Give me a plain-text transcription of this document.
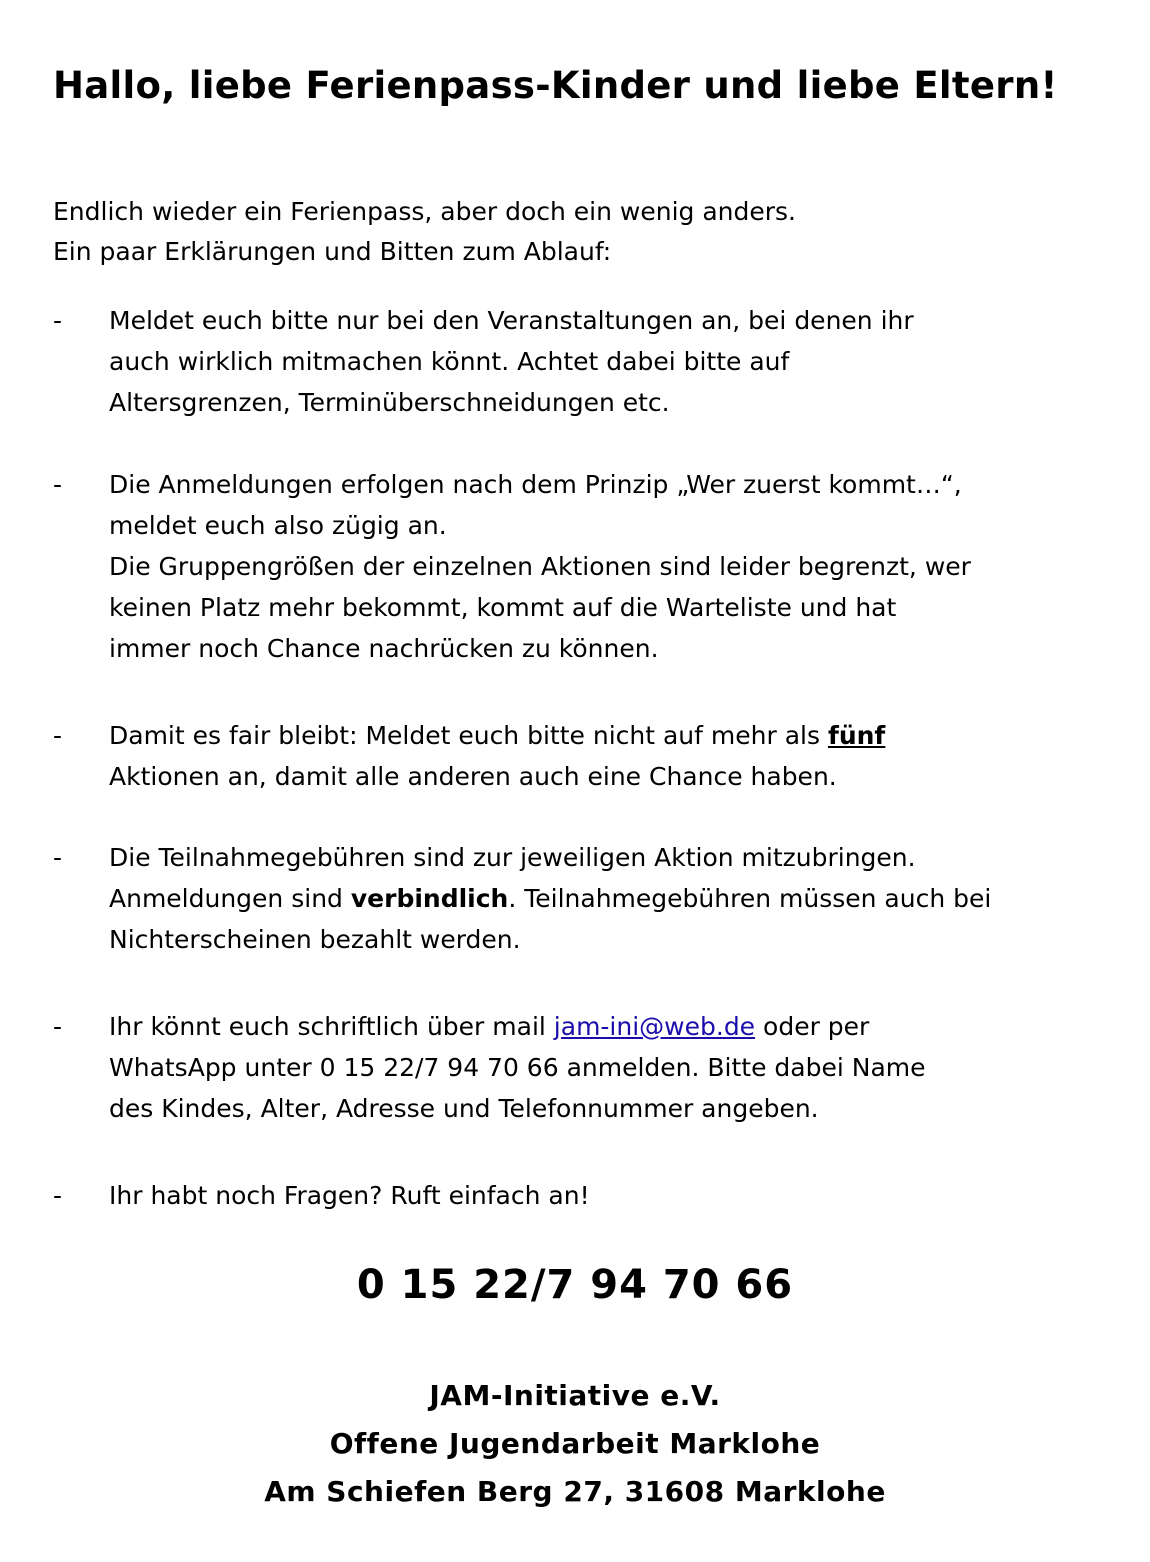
Hallo, liebe Ferienpass-Kinder und liebe Eltern!
Endlich wieder ein Ferienpass, aber doch ein wenig anders.
Ein paar Erklärungen und Bitten zum Ablauf:
- Meldet euch bitte nur bei den Veranstaltungen an, bei denen ihr
auch wirklich mitmachen könnt. Achtet dabei bitte auf
Altersgrenzen, Terminüberschneidungen etc.
- Die Anmeldungen erfolgen nach dem Prinzip „Wer zuerst kommt…“,
meldet euch also zügig an.
Die Gruppengrößen der einzelnen Aktionen sind leider begrenzt, wer
keinen Platz mehr bekommt, kommt auf die Warteliste und hat
immer noch Chance nachrücken zu können.
- Damit es fair bleibt: Meldet euch bitte nicht auf mehr als fünf
Aktionen an, damit alle anderen auch eine Chance haben.
- Die Teilnahmegebühren sind zur jeweiligen Aktion mitzubringen.
Anmeldungen sind verbindlich. Teilnahmegebühren müssen auch bei
Nichterscheinen bezahlt werden.
- Ihr könnt euch schriftlich über mail jam-ini@web.de oder per
WhatsApp unter 0 15 22/7 94 70 66 anmelden. Bitte dabei Name
des Kindes, Alter, Adresse und Telefonnummer angeben.
- Ihr habt noch Fragen? Ruft einfach an!
0 15 22/7 94 70 66
JAM-Initiative e.V.
Offene Jugendarbeit Marklohe
Am Schiefen Berg 27, 31608 Marklohe
